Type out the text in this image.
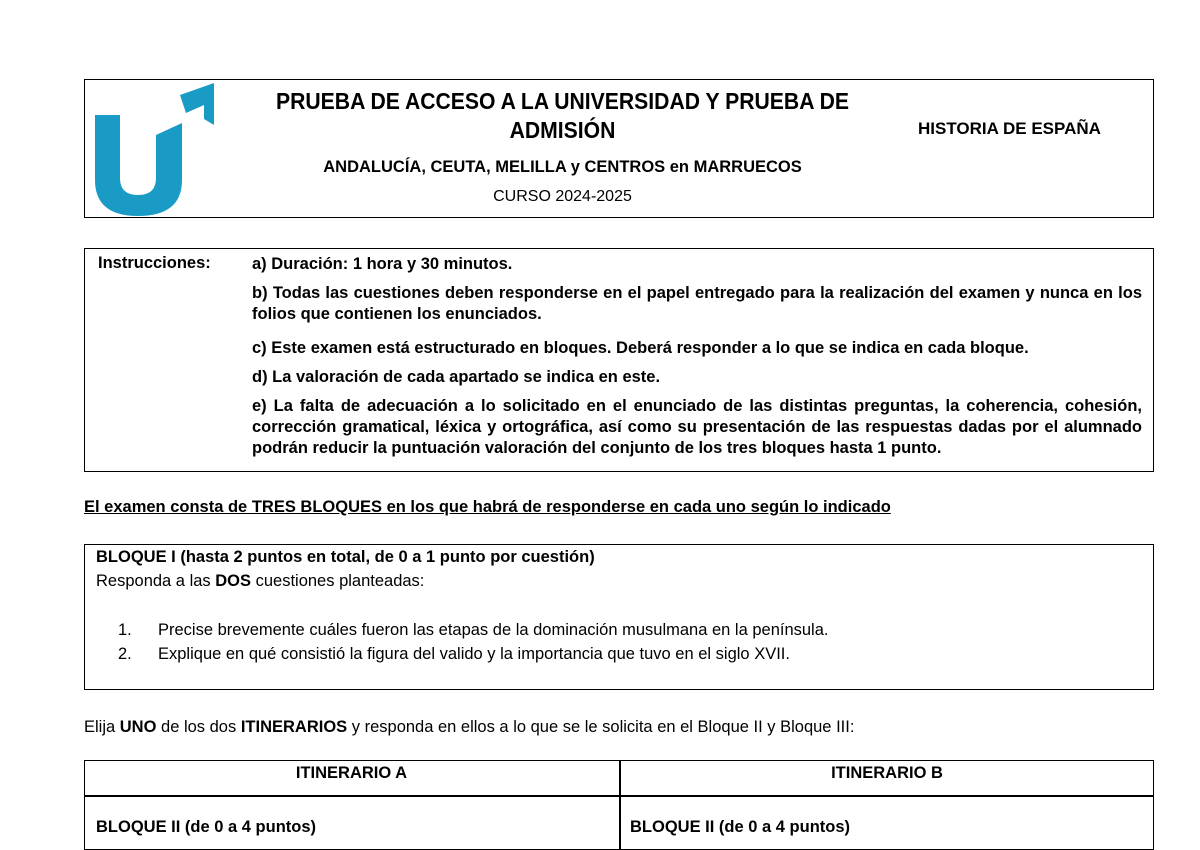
PRUEBA DE ACCESO A LA UNIVERSIDAD Y PRUEBA DE
ADMISIÓN
ANDALUCÍA, CEUTA, MELILLA y CENTROS en MARRUECOS
CURSO 2024-2025
HISTORIA DE ESPAÑA
Instrucciones: a) Duración: 1 hora y 30 minutos.
b) Todas las cuestiones deben responderse en el papel entregado para la realización del examen y nunca en los folios que contienen los enunciados.
c) Este examen está estructurado en bloques. Deberá responder a lo que se indica en cada bloque.
d) La valoración de cada apartado se indica en este.
e) La falta de adecuación a lo solicitado en el enunciado de las distintas preguntas, la coherencia, cohesión, corrección gramatical, léxica y ortográfica, así como su presentación de las respuestas dadas por el alumnado podrán reducir la puntuación valoración del conjunto de los tres bloques hasta 1 punto.
El examen consta de TRES BLOQUES en los que habrá de responderse en cada uno según lo indicado
BLOQUE I (hasta 2 puntos en total, de 0 a 1 punto por cuestión)
Responda a las DOS cuestiones planteadas:
1. Precise brevemente cuáles fueron las etapas de la dominación musulmana en la península.
2. Explique en qué consistió la figura del valido y la importancia que tuvo en el siglo XVII.
Elija UNO de los dos ITINERARIOS y responda en ellos a lo que se le solicita en el Bloque II y Bloque III:
ITINERARIO A	ITINERARIO B
BLOQUE II (de 0 a 4 puntos)	BLOQUE II (de 0 a 4 puntos)
